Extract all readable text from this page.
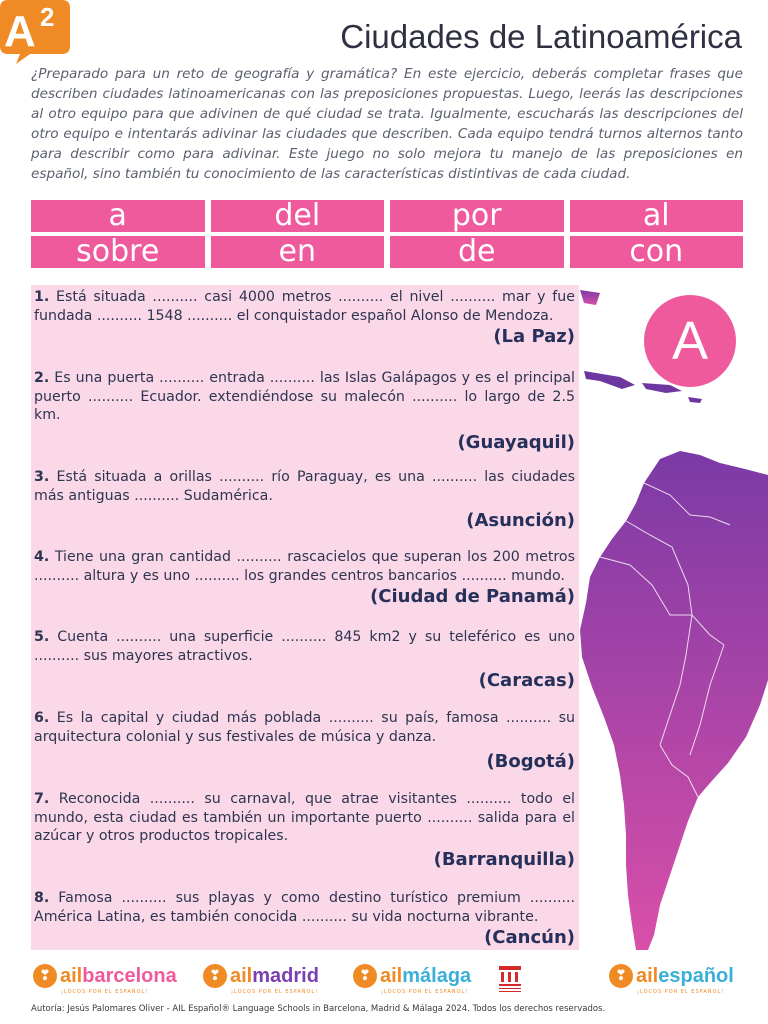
A 2
Ciudades de Latinoamérica
¿Preparado para un reto de geografía y gramática? En este ejercicio, deberás completar frases que describen ciudades latinoamericanas con las preposiciones propuestas. Luego, leerás las descripciones al otro equipo para que adivinen de qué ciudad se trata. Igualmente, escucharás las descripciones del otro equipo e intentarás adivinar las ciudades que describen. Cada equipo tendrá turnos alternos tanto para describir como para adivinar. Este juego no solo mejora tu manejo de las preposiciones en español, sino también tu conocimiento de las características distintivas de cada ciudad.
a	del	por	al
sobre	en	de	con
1. Está situada .......... casi 4000 metros .......... el nivel .......... mar y fue fundada .......... 1548 .......... el conquistador español Alonso de Mendoza.
(La Paz)
2. Es una puerta .......... entrada .......... las Islas Galápagos y es el principal puerto .......... Ecuador. extendiéndose su malecón .......... lo largo de 2.5 km.
(Guayaquil)
3. Está situada a orillas .......... río Paraguay, es una .......... las ciudades más antiguas .......... Sudamérica.
(Asunción)
4. Tiene una gran cantidad .......... rascacielos que superan los 200 metros .......... altura y es uno .......... los grandes centros bancarios .......... mundo.
(Ciudad de Panamá)
5. Cuenta .......... una superficie .......... 845 km2 y su teleférico es uno .......... sus mayores atractivos.
(Caracas)
6. Es la capital y ciudad más poblada .......... su país, famosa .......... su arquitectura colonial y sus festivales de música y danza.
(Bogotá)
7. Reconocida .......... su carnaval, que atrae visitantes .......... todo el mundo, esta ciudad es también un importante puerto .......... salida para el azúcar y otros productos tropicales.
(Barranquilla)
8. Famosa .......... sus playas y como destino turístico premium .......... América Latina, es también conocida .......... su vida nocturna vibrante.
(Cancún)
A
❣ ail barcelona
¡LOCOS POR EL ESPAÑOL!
❣ ail madrid
¡LOCOS POR EL ESPAÑOL!
❣ ail málaga
¡LOCOS POR EL ESPAÑOL!
❣ ail español
¡LOCOS POR EL ESPAÑOL!
Autoría: Jesús Palomares Oliver - AIL Español® Language Schools in Barcelona, Madrid & Málaga 2024. Todos los derechos reservados.
